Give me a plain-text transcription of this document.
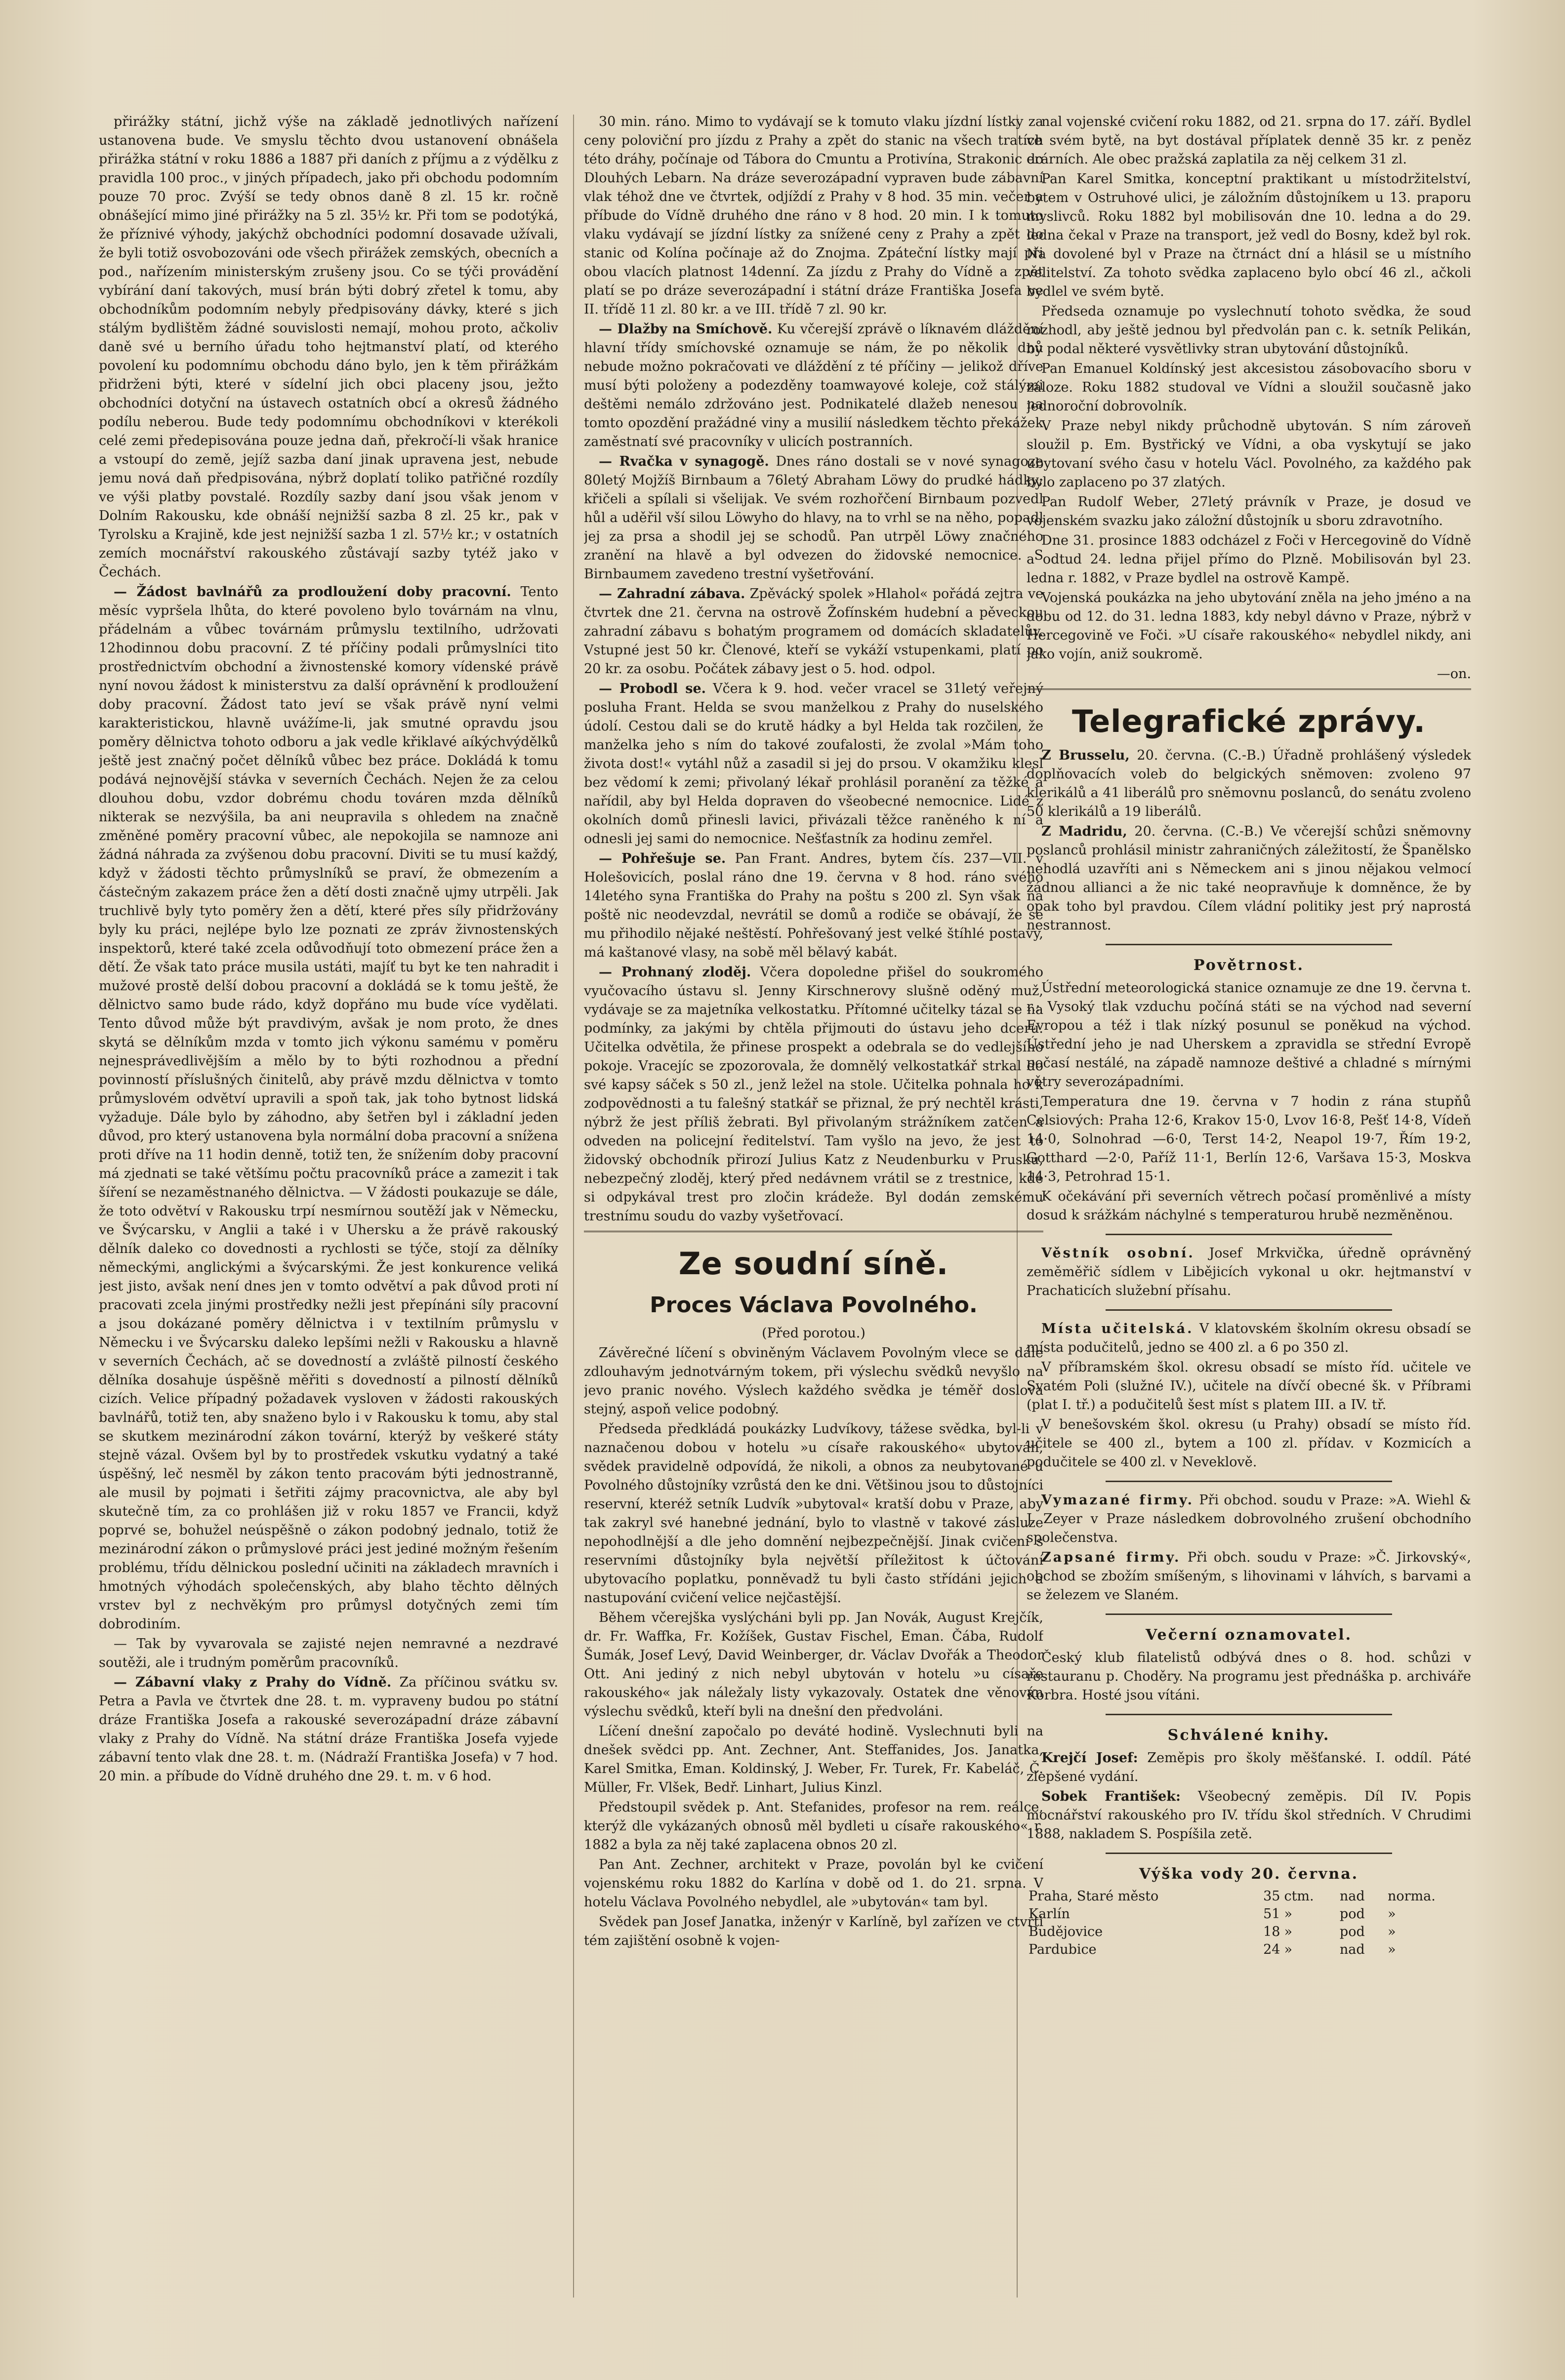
přirážky státní, jichž výše na základě jednotlivých nařízení ustanovena bude. Ve smyslu těchto dvou ustanovení obnášela přirážka státní v roku 1886 a 1887 při daních z příjmu a z výdělku z pravidla 100 proc., v jiných případech, jako při obchodu podomním pouze 70 proc. Zvýší se tedy obnos daně 8 zl. 15 kr. ročně obnášející mimo jiné přirážky na 5 zl. 35½ kr. Při tom se podotýká, že příznivé výhody, jakýchž obchodníci podomní dosavade užívali, že byli totiž osvobozováni ode všech přirážek zemských, obecních a pod., nařízením ministerským zrušeny jsou. Co se týči provádění vybírání daní takových, musí brán býti dobrý zřetel k tomu, aby obchodníkům podomním nebyly předpisovány dávky, které s jich stálým bydlištěm žádné souvislosti nemají, mohou proto, ačkoliv daně své u berního úřadu toho hejtmanství platí, od kterého povolení ku podomnímu obchodu dáno bylo, jen k těm přirážkám přidrženi býti, které v sídelní jich obci placeny jsou, ježto obchodníci dotyční na ústavech ostatních obcí a okresů žádného podílu neberou. Bude tedy podomnímu obchodníkovi v kterékoli celé zemi předepisována pouze jedna daň, překročí-li však hranice a vstoupí do země, jejíž sazba daní jinak upravena jest, nebude jemu nová daň předpisována, nýbrž doplatí toliko patřičné rozdíly ve výši platby povstalé. Rozdíly sazby daní jsou však jenom v Dolním Rakousku, kde obnáší nejnižší sazba 8 zl. 25 kr., pak v Tyrolsku a Krajině, kde jest nejnižší sazba 1 zl. 57½ kr.; v ostatních zemích mocnářství rakouského zůstávají sazby tytéž jako v Čechách.

— Žádost bavlnářů za prodloužení doby pracovní. Tento měsíc vypršela lhůta, do které povoleno bylo továrnám na vlnu, přádelnám a vůbec továrnám průmyslu textilního, udržovati 12hodinnou dobu pracovní. Z té příčiny podali průmyslníci tito prostřednictvím obchodní a živnostenské komory vídenské právě nyní novou žádost k ministerstvu za další oprávnění k prodloužení doby pracovní. Žádost tato jeví se však právě nyní velmi karakteristickou, hlavně uvážíme-li, jak smutné opravdu jsou poměry dělnictva tohoto odboru a jak vedle křiklavé aíkýchvýdělků ještě jest značný počet dělníků vůbec bez práce. Dokládá k tomu podává nejnovější stávka v severních Čechách. Nejen že za celou dlouhou dobu, vzdor dobrému chodu továren mzda dělníků nikterak se nezvýšila, ba ani neupravila s ohledem na značně změněné poměry pracovní vůbec, ale nepokojila se namnoze ani žádná náhrada za zvýšenou dobu pracovní. Diviti se tu musí každý, když v žádosti těchto průmyslníků se praví, že obmezením a částečným zakazem práce žen a dětí dosti značně ujmy utrpěli. Jak truchlivě byly tyto poměry žen a dětí, které přes síly přidržovány byly ku práci, nejlépe bylo lze poznati ze zpráv živnostenských inspektorů, které také zcela odůvodňují toto obmezení práce žen a dětí. Že však tato práce musila ustáti, majíť tu byt ke ten nahradit i mužové prostě delší dobou pracovní a dokládá se k tomu ještě, že dělnictvo samo bude rádo, když dopřáno mu bude více vydělati. Tento důvod může být pravdivým, avšak je nom proto, že dnes skytá se dělníkům mzda v tomto jich výkonu samému v poměru nejnesprávedlivějším a mělo by to býti rozhodnou a přední povinností příslušných činitelů, aby právě mzdu dělnictva v tomto průmyslovém odvětví upravili a spoň tak, jak toho bytnost lidská vyžaduje. Dále bylo by záhodno, aby šetřen byl i základní jeden důvod, pro který ustanovena byla normální doba pracovní a snížena proti dříve na 11 hodin denně, totiž ten, že snížením doby pracovní má zjednati se také většímu počtu pracovníků práce a zamezit i tak šíření se nezaměstnaného dělnictva. — V žádosti poukazuje se dále, že toto odvětví v Rakousku trpí nesmírnou soutěží jak v Německu, ve Švýcarsku, v Anglii a také i v Uhersku a že právě rakouský dělník daleko co dovednosti a rychlosti se týče, stojí za dělníky německými, anglickými a švýcarskými. Že jest konkurence veliká jest jisto, avšak není dnes jen v tomto odvětví a pak důvod proti ní pracovati zcela jinými prostředky nežli jest přepínáni síly pracovní a jsou dokázané poměry dělnictva i v textilním průmyslu v Německu i ve Švýcarsku daleko lepšími nežli v Rakousku a hlavně v severních Čechách, ač se dovedností a zvláště pilností českého dělníka dosahuje úspěšně měřiti s dovedností a pilností dělníků cizích. Velice případný požadavek vysloven v žádosti rakouských bavlnářů, totiž ten, aby snaženo bylo i v Rakousku k tomu, aby stal se skutkem mezinárodní zákon tovární, kterýž by veškeré státy stejně vázal. Ovšem byl by to prostředek vskutku vydatný a také úspěšný, leč nesměl by zákon tento pracovám býti jednostranně, ale musil by pojmati i šetřiti zájmy pracovnictva, ale aby byl skutečně tím, za co prohlášen již v roku 1857 ve Francii, když poprvé se, bohužel neúspěšně o zákon podobný jednalo, totiž že mezinárodní zákon o průmyslové práci jest jediné možným řešením problému, třídu dělnickou poslední učiniti na základech mravních i hmotných výhodách společenských, aby blaho těchto dělných vrstev byl z nechvěkým pro průmysl dotyčných zemi tím dobrodiním.

— Tak by vyvarovala se zajisté nejen nemravné a nezdravé soutěži, ale i trudným poměrům pracovníků.

— Zábavní vlaky z Prahy do Vídně. Za příčinou svátku sv. Petra a Pavla ve čtvrtek dne 28. t. m. vypraveny budou po státní dráze Františka Josefa a rakouské severozápadní dráze zábavní vlaky z Prahy do Vídně. Na státní dráze Františka Josefa vyjede zábavní tento vlak dne 28. t. m. (Nádraží Františka Josefa) v 7 hod. 20 min. a příbude do Vídně druhého dne 29. t. m. v 6 hod.

30 min. ráno. Mimo to vydávají se k tomuto vlaku jízdní lístky za ceny poloviční pro jízdu z Prahy a zpět do stanic na všech tratích této dráhy, počínaje od Tábora do Cmuntu a Protivína, Strakonic do Dlouhých Lebarn. Na dráze severozápadní vypraven bude zábavní vlak téhož dne ve čtvrtek, odjíždí z Prahy v 8 hod. 35 min. večer a příbude do Vídně druhého dne ráno v 8 hod. 20 min. I k tomuto vlaku vydávají se jízdní lístky za snížené ceny z Prahy a zpět do stanic od Kolína počínaje až do Znojma. Zpáteční lístky mají při obou vlacích platnost 14denní. Za jízdu z Prahy do Vídně a zpět platí se po dráze severozápadní i státní dráze Františka Josefa ve II. třídě 11 zl. 80 kr. a ve III. třídě 7 zl. 90 kr.

— Dlažby na Smíchově. Ku včerejší zprávě o líknavém dláždění hlavní třídy smíchovské oznamuje se nám, že po několik dnů nebude možno pokračovati ve dláždění z té příčiny — jelikož dříve musí býti položeny a podezděny toamwayové koleje, což stálými deštěmi nemálo zdržováno jest. Podnikatelé dlažeb nenesou na tomto opozdění pražádné viny a musilií následkem těchto překážek zaměstnatí své pracovníky v ulicích postranních.

— Rvačka v synagogě. Dnes ráno dostali se v nové synagoze 80letý Mojžíš Birnbaum a 76letý Abraham Löwy do prudké hádky; křičeli a spílali si všelijak. Ve svém rozhořčení Birnbaum pozvedl hůl a uděřil vší silou Löwyho do hlavy, na to vrhl se na něho, popadl jej za prsa a shodil jej se schodů. Pan utrpěl Löwy značného zranění na hlavě a byl odvezen do židovské nemocnice. S Birnbaumem zavedeno trestní vyšetřování.

— Zahradní zábava. Zpěvácký spolek »Hlahol« pořádá zejtra ve čtvrtek dne 21. června na ostrově Žofínském hudební a pěveckou zahradní zábavu s bohatým programem od domácích skladatelův. Vstupné jest 50 kr. Členové, kteří se vykáží vstupenkami, platí po 20 kr. za osobu. Počátek zábavy jest o 5. hod. odpol.

— Probodl se. Včera k 9. hod. večer vracel se 31letý veřejný posluha Frant. Helda se svou manželkou z Prahy do nuselského údolí. Cestou dali se do krutě hádky a byl Helda tak rozčilen, že manželka jeho s ním do takové zoufalosti, že zvolal »Mám toho života dost!« vytáhl nůž a zasadil si jej do prsou. V okamžiku klesl bez vědomí k zemi; přivolaný lékař prohlásil poranění za těžké a nařídil, aby byl Helda dopraven do všeobecné nemocnice. Lidé z okolních domů přinesli lavici, přivázali těžce raněného k ní a odnesli jej sami do nemocnice. Nešťastník za hodinu zemřel.

— Pohřešuje se. Pan Frant. Andres, bytem čís. 237—VII. v Holešovicích, poslal ráno dne 19. června v 8 hod. ráno svého 14letého syna Františka do Prahy na poštu s 200 zl. Syn však na poště nic neodevzdal, nevrátil se domů a rodiče se obávají, že se mu přihodilo nějaké neštěstí. Pohřešovaný jest velké štíhlé postavy, má kaštanové vlasy, na sobě měl bělavý kabát.

— Prohnaný zloděj. Včera dopoledne přišel do soukromého vyučovacího ústavu sl. Jenny Kirschnerovy slušně oděný muž, vydávaje se za majetníka velkostatku. Přítomné učitelky tázal se na podmínky, za jakými by chtěla přijmouti do ústavu jeho dceru. Učitelka odvětila, že přinese prospekt a odebrala se do vedlejšího pokoje. Vracejíc se zpozorovala, že domnělý velkostatkář strkal do své kapsy sáček s 50 zl., jenž ležel na stole. Učitelka pohnala ho k zodpovědnosti a tu falešný statkář se přiznal, že prý nechtěl krásti, nýbrž že jest příliš žebrati. Byl přivolaným strážníkem zatčen a odveden na policejní ředitelství. Tam vyšlo na jevo, že jest to židovský obchodník přirozí Julius Katz z Neudenburku v Prusku, nebezpečný zloděj, který před nedávnem vrátil se z trestnice, kde si odpykával trest pro zločin krádeže. Byl dodán zemskému trestnímu soudu do vazby vyšetřovací.

Ze soudní síně.
Proces Václava Povolného.

(Před porotou.)

Závěrečné líčení s obviněným Václavem Povolným vlece se dále zdlouhavým jednotvárným tokem, při výslechu svědků nevyšlo na jevo pranic nového. Výslech každého svědka je téměř doslova stejný, aspoň velice podobný.

Předseda předkládá poukázky Ludvíkovy, tážese svědka, byl-li v naznačenou dobou v hotelu »u císaře rakouského« ubytován, svědek pravidelně odpovídá, že nikoli, a obnos za neubytované u Povolného důstojníky vzrůstá den ke dni. Většinou jsou to důstojníci reservní, kteréž setník Ludvík »ubytoval« kratší dobu v Praze, aby tak zakryl své hanebné jednání, bylo to vlastně v takové zásluze nepohodlnější a dle jeho domnění nejbezpečnější. Jinak cvičení s reservními důstojníky byla největší příležitost k účtování ubytovacího poplatku, ponněvadž tu byli často střídáni jejich a nastupování cvičení velice nejčastější.

Během včerejška vyslýcháni byli pp. Jan Novák, August Krejčík, dr. Fr. Waffka, Fr. Kožíšek, Gustav Fischel, Eman. Čába, Rudolf Šumák, Josef Levý, David Weinberger, dr. Václav Dvořák a Theodor Ott. Ani jediný z nich nebyl ubytován v hotelu »u císaře rakouského« jak náležaly listy vykazovaly. Ostatek dne věnován výslechu svědků, kteří byli na dnešní den předvoláni.

Líčení dnešní započalo po deváté hodině. Vyslechnuti byli na dnešek svědci pp. Ant. Zechner, Ant. Steffanides, Jos. Janatka, Karel Smitka, Eman. Koldinský, J. Weber, Fr. Turek, Fr. Kabeláč, Č. Müller, Fr. Vlšek, Bedř. Linhart, Julius Kinzl.

Předstoupil svědek p. Ant. Stefanides, profesor na rem. reálce, kterýž dle vykázaných obnosů měl bydleti u císaře rakouského« r. 1882 a byla za něj také zaplacena obnos 20 zl.

Pan Ant. Zechner, architekt v Praze, povolán byl ke cvičení vojenskému roku 1882 do Karlína v době od 1. do 21. srpna. V hotelu Václava Povolného nebydlel, ale »ubytován« tam byl.

Svědek pan Josef Janatka, inženýr v Karlíně, byl zařízen ve ctvrti tém zajištění osobně k vojen-

nal vojenské cvičení roku 1882, od 21. srpna do 17. září. Bydlel ve svém bytě, na byt dostával příplatek denně 35 kr. z peněz erárních. Ale obec pražská zaplatila za něj celkem 31 zl.

Pan Karel Smitka, konceptní praktikant u místodržitelství, bytem v Ostruhové ulici, je záložním důstojníkem u 13. praporu myslivců. Roku 1882 byl mobilisován dne 10. ledna a do 29. ledna čekal v Praze na transport, jež vedl do Bosny, kdež byl rok. Na dovolené byl v Praze na čtrnáct dní a hlásil se u místního velitelství. Za tohoto svědka zaplaceno bylo obcí 46 zl., ačkoli bydlel ve svém bytě.

Předseda oznamuje po vyslechnutí tohoto svědka, že soud rozhodl, aby ještě jednou byl předvolán pan c. k. setník Pelikán, by podal některé vysvětlivky stran ubytování důstojníků.

Pan Emanuel Koldínský jest akcesistou zásobovacího sboru v záloze. Roku 1882 studoval ve Vídni a sloužil současně jako jednoroční dobrovolník.

V Praze nebyl nikdy průchodně ubytován. S ním zároveň sloužil p. Em. Bystřický ve Vídni, a oba vyskytují se jako ubytovaní svého času v hotelu Václ. Povolného, za každého pak bylo zaplaceno po 37 zlatých.

Pan Rudolf Weber, 27letý právník v Praze, je dosud ve vojenském svazku jako záložní důstojník u sboru zdravotního.

Dne 31. prosince 1883 odcházel z Foči v Hercegovině do Vídně a odtud 24. ledna přijel přímo do Plzně. Mobilisován byl 23. ledna r. 1882, v Praze bydlel na ostrově Kampě.

Vojenská poukázka na jeho ubytování zněla na jeho jméno a na dobu od 12. do 31. ledna 1883, kdy nebyl dávno v Praze, nýbrž v Hercegovině ve Foči. »U císaře rakouského« nebydlel nikdy, ani jako vojín, aniž soukromě.

—on.

Telegrafické zprávy.

Z Brusselu, 20. června. (C.-B.) Úřadně prohlášený výsledek doplňovacích voleb do belgických sněmoven: zvoleno 97 klerikálů a 41 liberálů pro sněmovnu poslanců, do senátu zvoleno 50 klerikálů a 19 liberálů.

Z Madridu, 20. června. (C.-B.) Ve včerejší schůzi sněmovny poslanců prohlásil ministr zahraničných záležitostí, že Španělsko nehodlá uzavříti ani s Německem ani s jinou nějakou velmocí žádnou allianci a že nic také neopravňuje k domněnce, že by opak toho byl pravdou. Cílem vládní politiky jest prý naprostá nestrannost.

Povětrnost.

Ústřední meteorologická stanice oznamuje ze dne 19. června t. r.: Vysoký tlak vzduchu počíná státi se na východ nad severní Evropou a též i tlak nízký posunul se poněkud na východ. Ústřední jeho je nad Uherskem a zpravidla se střední Evropě počasí nestálé, na západě namnoze deštivé a chladné s mírnými větry severozápadními.

Temperatura dne 19. června v 7 hodin z rána stupňů Celsiových: Praha 12·6, Krakov 15·0, Lvov 16·8, Pešť 14·8, Vídeň 14·0, Solnohrad —6·0, Terst 14·2, Neapol 19·7, Řím 19·2, Gotthard —2·0, Paříž 11·1, Berlín 12·6, Varšava 15·3, Moskva 14·3, Petrohrad 15·1.

K očekávání při severních větrech počasí proměnlivé a místy dosud k srážkám náchylné s temperaturou hrubě nezměněnou.

Věstník osobní. Josef Mrkvička, úředně oprávněný zeměměřič sídlem v Libějicích vykonal u okr. hejtmanství v Prachaticích služební přísahu.

Místa učitelská. V klatovském školním okresu obsadí se místa podučitelů, jedno se 400 zl. a 6 po 350 zl.

V příbramském škol. okresu obsadí se místo říd. učitele ve Svatém Poli (služné IV.), učitele na dívčí obecné šk. v Příbrami (plat I. tř.) a podučitelů šest míst s platem III. a IV. tř.

V benešovském škol. okresu (u Prahy) obsadí se místo říd. učitele se 400 zl., bytem a 100 zl. přídav. v Kozmicích a podučitele se 400 zl. v Neveklově.

Vymazané firmy. Při obchod. soudu v Praze: »A. Wiehl & J. Zeyer v Praze následkem dobrovolného zrušení obchodního společenstva.

Zapsané firmy. Při obch. soudu v Praze: »Č. Jirkovský«, obchod se zbožím smíšeným, s lihovinami v láhvích, s barvami a se železem ve Slaném.

Večerní oznamovatel.

Český klub filatelistů odbývá dnes o 8. hod. schůzi v restauranu p. Choděry. Na programu jest přednáška p. archiváře Korbra. Hosté jsou vítáni.

Schválené knihy.

Krejčí Josef: Zeměpis pro školy měšťanské. I. oddíl. Páté zlepšené vydání.

Sobek František: Všeobecný zeměpis. Díl IV. Popis mocnářství rakouského pro IV. třídu škol středních. V Chrudimi 1888, nakladem S. Pospíšila zetě.

Výška vody 20. června.
Praha, Staré město	35	ctm.	nad	norma.
Karlín	51	»	pod	»
Budějovice	18	»	pod	»
Pardubice	24	»	nad	»
